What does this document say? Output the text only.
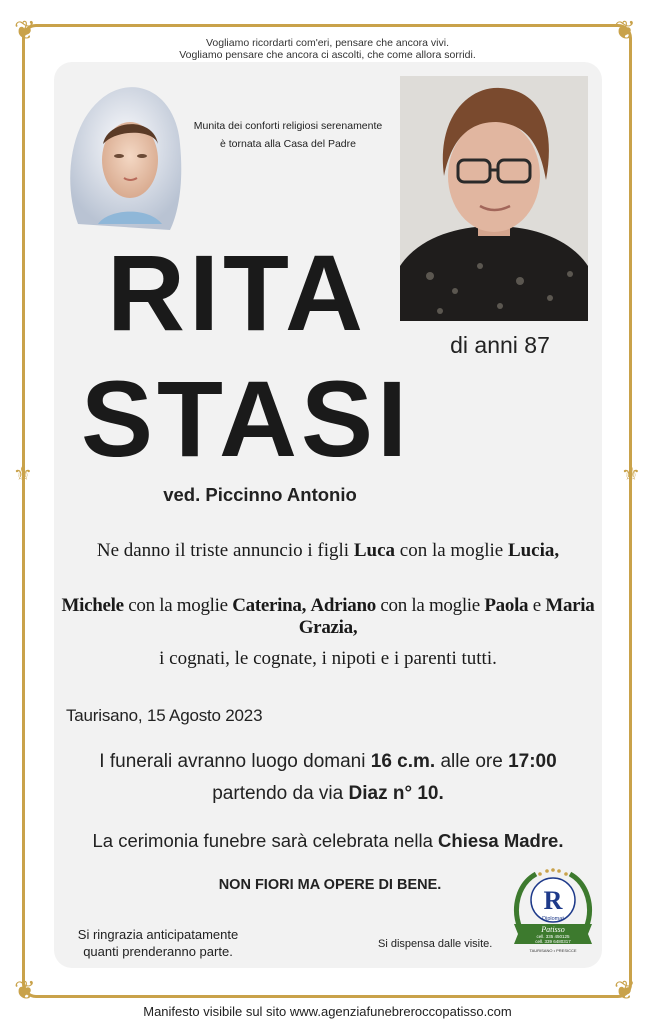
❦	❦
❦	❦
⚜	⚜
Vogliamo ricordarti com'eri, pensare che ancora vivi.
Vogliamo pensare che ancora ci ascolti, che come allora sorridi.
Munita dei conforti religiosi serenamente
è tornata alla Casa del Padre
RITA	di anni 87
STASI
ved. Piccinno Antonio
Ne danno il triste annuncio i figli Luca con la moglie Lucia,
Michele con la moglie Caterina, Adriano con la moglie Paola e Maria Grazia,
i cognati, le cognate, i nipoti e i parenti tutti.
Taurisano, 15 Agosto 2023
I funerali avranno luogo domani 16 c.m. alle ore 17:00
partendo da via Diaz n° 10.
La cerimonia funebre sarà celebrata nella Chiesa Madre.
NON FIORI MA OPERE DI BENE.
Si ringrazia anticipatamente
quanti prenderanno parte.	Si dispensa dalle visite.
R
Diplomat
Patisso
cell. 335 450125
cell. 339 6480317
TAURISANO • PRESICCE
Manifesto visibile sul sito www.agenziafunebreroccopatisso.com
